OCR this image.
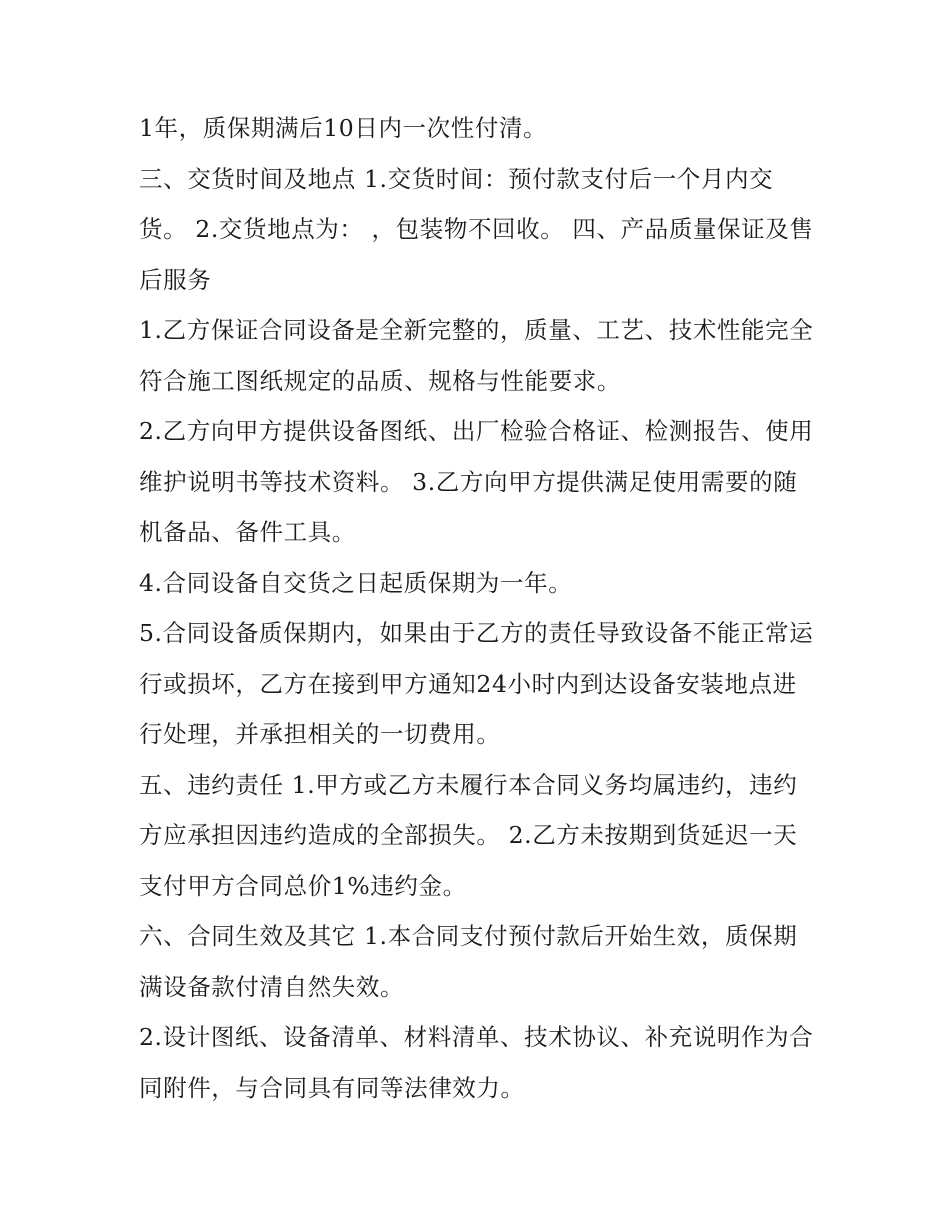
1年，质保期满后10日内一次性付清。

三、交货时间及地点 1.交货时间：预付款支付后一个月内交货。 2.交货地点为： ，包装物不回收。 四、产品质量保证及售后服务

1.乙方保证合同设备是全新完整的，质量、工艺、技术性能完全符合施工图纸规定的品质、规格与性能要求。

2.乙方向甲方提供设备图纸、出厂检验合格证、检测报告、使用维护说明书等技术资料。 3.乙方向甲方提供满足使用需要的随机备品、备件工具。

4.合同设备自交货之日起质保期为一年。

5.合同设备质保期内，如果由于乙方的责任导致设备不能正常运行或损坏，乙方在接到甲方通知24小时内到达设备安装地点进行处理，并承担相关的一切费用。

五、违约责任 1.甲方或乙方未履行本合同义务均属违约，违约方应承担因违约造成的全部损失。 2.乙方未按期到货延迟一天支付甲方合同总价1%违约金。

六、合同生效及其它 1.本合同支付预付款后开始生效，质保期满设备款付清自然失效。

2.设计图纸、设备清单、材料清单、技术协议、补充说明作为合同附件，与合同具有同等法律效力。
